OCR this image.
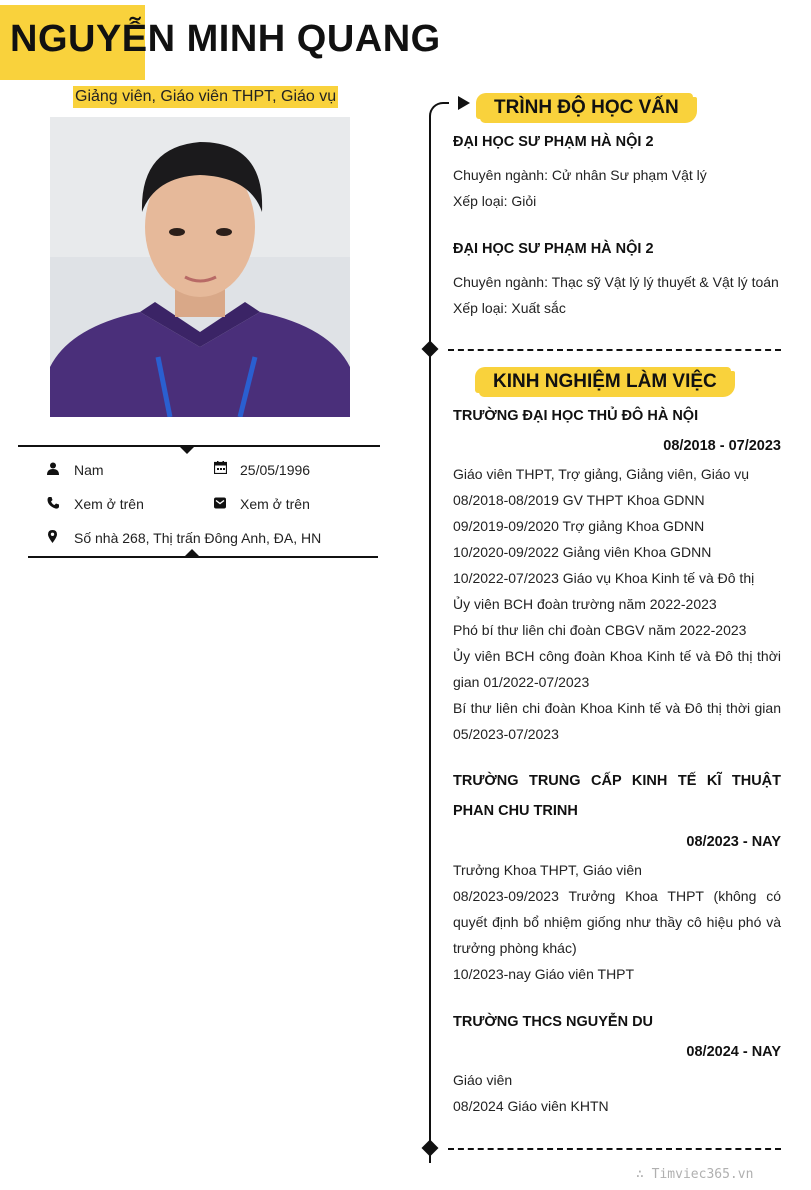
NGUYỄN MINH QUANG
Giảng viên, Giáo viên THPT, Giáo vụ
Nam	25/05/1996
Xem ở trên	Xem ở trên
Số nhà 268, Thị trấn Đông Anh, ĐA, HN
TRÌNH ĐỘ HỌC VẤN
ĐẠI HỌC SƯ PHẠM HÀ NỘI 2
Chuyên ngành: Cử nhân Sư phạm Vật lý
Xếp loại: Giỏi
ĐẠI HỌC SƯ PHẠM HÀ NỘI 2
Chuyên ngành: Thạc sỹ Vật lý lý thuyết & Vật lý toán
Xếp loại: Xuất sắc
KINH NGHIỆM LÀM VIỆC
TRƯỜNG ĐẠI HỌC THỦ ĐÔ HÀ NỘI
08/2018 - 07/2023
Giáo viên THPT, Trợ giảng, Giảng viên, Giáo vụ
08/2018-08/2019 GV THPT Khoa GDNN
09/2019-09/2020 Trợ giảng Khoa GDNN
10/2020-09/2022 Giảng viên Khoa GDNN
10/2022-07/2023 Giáo vụ Khoa Kinh tế và Đô thị
Ủy viên BCH đoàn trường năm 2022-2023
Phó bí thư liên chi đoàn CBGV năm 2022-2023
Ủy viên BCH công đoàn Khoa Kinh tế và Đô thị thời gian 01/2022-07/2023
Bí thư liên chi đoàn Khoa Kinh tế và Đô thị thời gian 05/2023-07/2023
TRƯỜNG TRUNG CẤP KINH TẾ KĨ THUẬT PHAN CHU TRINH
08/2023 - NAY
Trưởng Khoa THPT, Giáo viên
08/2023-09/2023 Trưởng Khoa THPT (không có quyết định bổ nhiệm giống như thầy cô hiệu phó và trưởng phòng khác)
10/2023-nay Giáo viên THPT
TRƯỜNG THCS NGUYỄN DU
08/2024 - NAY
Giáo viên
08/2024 Giáo viên KHTN
∴ Timviec365.vn
